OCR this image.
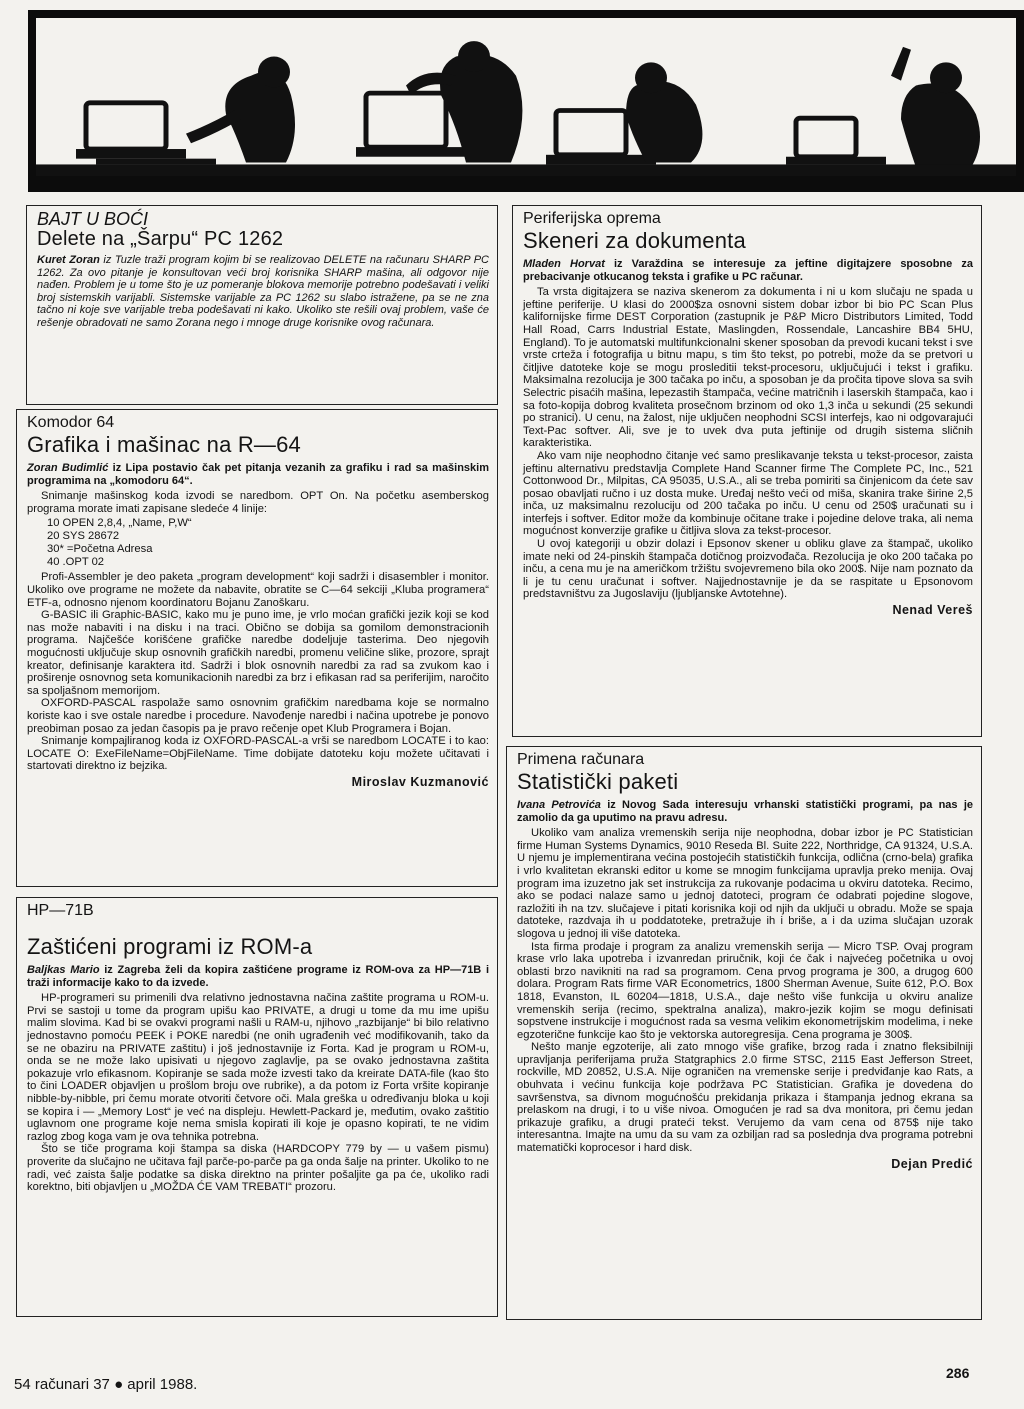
BAJT U BOĆI

Delete na „Šarpu“ PC 1262

Kuret Zoran iz Tuzle traži program kojim bi se realizovao DELETE na računaru SHARP PC 1262. Za ovo pitanje je konsultovan veći broj korisnika SHARP mašina, ali odgovor nije nađen. Problem je u tome što je uz pomeranje blokova memorije potrebno podešavati i veliki broj sistemskih varijabli. Sistemske varijable za PC 1262 su slabo istražene, pa se ne zna tačno ni koje sve varijable treba podešavati ni kako. Ukoliko ste rešili ovaj problem, vaše će rešenje obradovati ne samo Zorana nego i mnoge druge korisnike ovog računara.

Komodor 64

Grafika i mašinac na R—64

Zoran Budimlić iz Lipa postavio čak pet pitanja vezanih za grafiku i rad sa mašinskim programima na „komodoru 64“.

Snimanje mašinskog koda izvodi se naredbom. OPT On. Na početku asemberskog programa morate imati zapisane sledeće 4 linije:

10 OPEN 2,8,4, „Name, P,W“
20 SYS 28672
30* =Početna Adresa
40 .OPT 02

Profi-Assembler je deo paketa „program development“ koji sadrži i disasembler i monitor. Ukoliko ove programe ne možete da nabavite, obratite se C—64 sekciji „Kluba programera“ ETF-a, odnosno njenom koordinatoru Bojanu Zanoškaru.

G-BASIC ili Graphic-BASIC, kako mu je puno ime, je vrlo moćan grafički jezik koji se kod nas može nabaviti i na disku i na traci. Obično se dobija sa gomilom demonstracionih programa. Najčešće korišćene grafičke naredbe dodeljuje tasterima. Deo njegovih mogućnosti uključuje skup osnovnih grafičkih naredbi, promenu veličine slike, prozore, sprajt kreator, definisanje karaktera itd. Sadrži i blok osnovnih naredbi za rad sa zvukom kao i proširenje osnovnog seta komunikacionih naredbi za brz i efikasan rad sa periferijim, naročito sa spoljašnom memorijom.

OXFORD-PASCAL raspolaže samo osnovnim grafičkim naredbama koje se normalno koriste kao i sve ostale naredbe i procedure. Navođenje naredbi i načina upotrebe je ponovo preobiman posao za jedan časopis pa je pravo rečenje opet Klub Programera i Bojan.

Snimanje kompajliranog koda iz OXFORD-PASCAL-a vrši se naredbom LOCATE i to kao: LOCATE O: ExeFileName=ObjFileName. Time dobijate datoteku koju možete učitavati i startovati direktno iz bejzika.

Miroslav Kuzmanović

HP—71B

Zaštićeni programi iz ROM-a

Baljkas Mario iz Zagreba želi da kopira zaštićene programe iz ROM-ova za HP—71B i traži informacije kako to da izvede.

HP-programeri su primenili dva relativno jednostavna načina zaštite programa u ROM-u. Prvi se sastoji u tome da program upišu kao PRIVATE, a drugi u tome da mu ime upišu malim slovima. Kad bi se ovakvi programi našli u RAM-u, njihovo „razbijanje“ bi bilo relativno jednostavno pomoću PEEK i POKE naredbi (ne onih ugrađenih već modifikovanih, tako da se ne obaziru na PRIVATE zaštitu) i još jednostavnije iz Forta. Kad je program u ROM-u, onda se ne može lako upisivati u njegovo zaglavlje, pa se ovako jednostavna zaštita pokazuje vrlo efikasnom. Kopiranje se sada može izvesti tako da kreirate DATA-file (kao što to čini LOADER objavljen u prošlom broju ove rubrike), a da potom iz Forta vršite kopiranje nibble-by-nibble, pri čemu morate otvoriti četvore oči. Mala greška u određivanju bloka u koji se kopira i — „Memory Lost“ je već na displeju. Hewlett-Packard je, međutim, ovako zaštitio uglavnom one programe koje nema smisla kopirati ili koje je opasno kopirati, te ne vidim razlog zbog koga vam je ova tehnika potrebna.

Što se tiče programa koji štampa sa diska (HARDCOPY 779 by — u vašem pismu) proverite da slučajno ne učitava fajl parče-po-parče pa ga onda šalje na printer. Ukoliko to ne radi, već zaista šalje podatke sa diska direktno na printer pošaljite ga pa će, ukoliko radi korektno, biti objavljen u „MOŽDA ĆE VAM TREBATI“ prozoru.

Periferijska oprema

Skeneri za dokumenta

Mladen Horvat iz Varaždina se interesuje za jeftine digitajzere sposobne za prebacivanje otkucanog teksta i grafike u PC računar.

Ta vrsta digitajzera se naziva skenerom za dokumenta i ni u kom slučaju ne spada u jeftine periferije. U klasi do 2000$za osnovni sistem dobar izbor bi bio PC Scan Plus kalifornijske firme DEST Corporation (zastupnik je P&P Micro Distributors Limited, Todd Hall Road, Carrs Industrial Estate, Maslingden, Rossendale, Lancashire BB4 5HU, England). To je automatski multifunkcionalni skener sposoban da prevodi kucani tekst i sve vrste crteža i fotografija u bitnu mapu, s tim što tekst, po potrebi, može da se pretvori u čitljive datoteke koje se mogu prosleditii tekst-procesoru, uključujući i tekst i grafiku. Maksimalna rezolucija je 300 tačaka po inču, a sposoban je da pročita tipove slova sa svih Selectric pisaćih mašina, lepezastih štampača, većine matričnih i laserskih štampača, kao i sa foto-kopija dobrog kvaliteta prosečnom brzinom od oko 1,3 inča u sekundi (25 sekundi po stranici). U cenu, na žalost, nije uključen neophodni SCSI interfejs, kao ni odgovarajući Text-Pac softver. Ali, sve je to uvek dva puta jeftinije od drugih sistema sličnih karakteristika.

Ako vam nije neophodno čitanje već samo preslikavanje teksta u tekst-procesor, zaista jeftinu alternativu predstavlja Complete Hand Scanner firme The Complete PC, Inc., 521 Cottonwood Dr., Milpitas, CA 95035, U.S.A., ali se treba pomiriti sa činjenicom da ćete sav posao obavljati ručno i uz dosta muke. Uređaj nešto veći od miša, skanira trake širine 2,5 inča, uz maksimalnu rezoluciju od 200 tačaka po inču. U cenu od 250$ uračunati su i interfejs i softver. Editor može da kombinuje očitane trake i pojedine delove traka, ali nema mogućnost konverzije grafike u čitljiva slova za tekst-procesor.

U ovoj kategoriji u obzir dolazi i Epsonov skener u obliku glave za štampač, ukoliko imate neki od 24-pinskih štampača dotičnog proizvođača. Rezolucija je oko 200 tačaka po inču, a cena mu je na američkom tržištu svojevremeno bila oko 200$. Nije nam poznato da li je tu cenu uračunat i softver. Najjednostavnije je da se raspitate u Epsonovom predstavništvu za Jugoslaviju (ljubljanske Avtotehne).

Nenad Vereš

Primena računara

Statistički paketi

Ivana Petrovića iz Novog Sada interesuju vrhanski statistički programi, pa nas je zamolio da ga uputimo na pravu adresu.

Ukoliko vam analiza vremenskih serija nije neophodna, dobar izbor je PC Statistician firme Human Systems Dynamics, 9010 Reseda Bl. Suite 222, Northridge, CA 91324, U.S.A. U njemu je implementirana većina postojećih statističkih funkcija, odlična (crno-bela) grafika i vrlo kvalitetan ekranski editor u kome se mnogim funkcijama upravlja preko menija. Ovaj program ima izuzetno jak set instrukcija za rukovanje podacima u okviru datoteka. Recimo, ako se podaci nalaze samo u jednoj datoteci, program će odabrati pojedine slogove, razložiti ih na tzv. slučajeve i pitati korisnika koji od njih da uključi u obradu. Može se spaja datoteke, razdvaja ih u poddatoteke, pretražuje ih i briše, a i da uzima slučajan uzorak slogova u jednoj ili više datoteka.

Ista firma prodaje i program za analizu vremenskih serija — Micro TSP. Ovaj program krase vrlo laka upotreba i izvanredan priručnik, koji će čak i najvećeg početnika u ovoj oblasti brzo navikniti na rad sa programom. Cena prvog programa je 300, a drugog 600 dolara. Program Rats firme VAR Econometrics, 1800 Sherman Avenue, Suite 612, P.O. Box 1818, Evanston, IL 60204—1818, U.S.A., daje nešto više funkcija u okviru analize vremenskih serija (recimo, spektralna analiza), makro-jezik kojim se mogu definisati sopstvene instrukcije i mogućnost rada sa vesma velikim ekonometrijskim modelima, i neke egzoterične funkcije kao što je vektorska autoregresija. Cena programa je 300$.

Nešto manje egzoterije, ali zato mnogo više grafike, brzog rada i znatno fleksibilniji upravljanja periferijama pruža Statgraphics 2.0 firme STSC, 2115 East Jefferson Street, rockville, MD 20852, U.S.A. Nije ograničen na vremenske serije i predviđanje kao Rats, a obuhvata i većinu funkcija koje podržava PC Statistician. Grafika je dovedena do savršenstva, sa divnom mogućnošću prekidanja prikaza i štampanja jednog ekrana sa prelaskom na drugi, i to u više nivoa. Omogućen je rad sa dva monitora, pri čemu jedan prikazuje grafiku, a drugi prateći tekst. Verujemo da vam cena od 875$ nije tako interesantna. Imajte na umu da su vam za ozbiljan rad sa poslednja dva programa potrebni matematički koprocesor i hard disk.

Dejan Predić

54 računari 37 ● april 1988.
286
